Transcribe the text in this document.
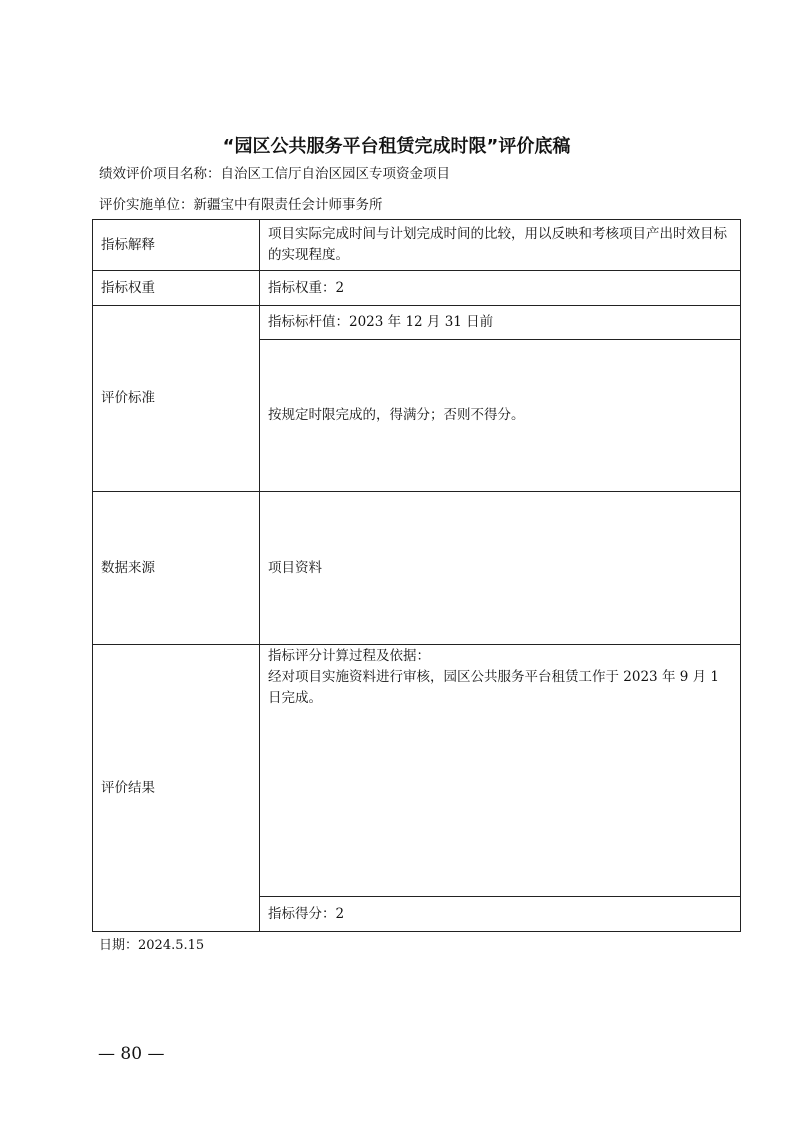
“园区公共服务平台租赁完成时限”评价底稿
绩效评价项目名称：自治区工信厅自治区园区专项资金项目
评价实施单位：新疆宝中有限责任会计师事务所
指标解释	项目实际完成时间与计划完成时间的比较，用以反映和考核项目产出时效目标的实现程度。
指标权重	指标权重：2
评价标准	指标标杆值：2023 年 12 月 31 日前
	按规定时限完成的，得满分；否则不得分。
数据来源	项目资料
评价结果	指标评分计算过程及依据：
经对项目实施资料进行审核，园区公共服务平台租赁工作于 2023 年 9 月 1 日完成。

	指标得分：2
日期：2024.5.15
— 80 —
